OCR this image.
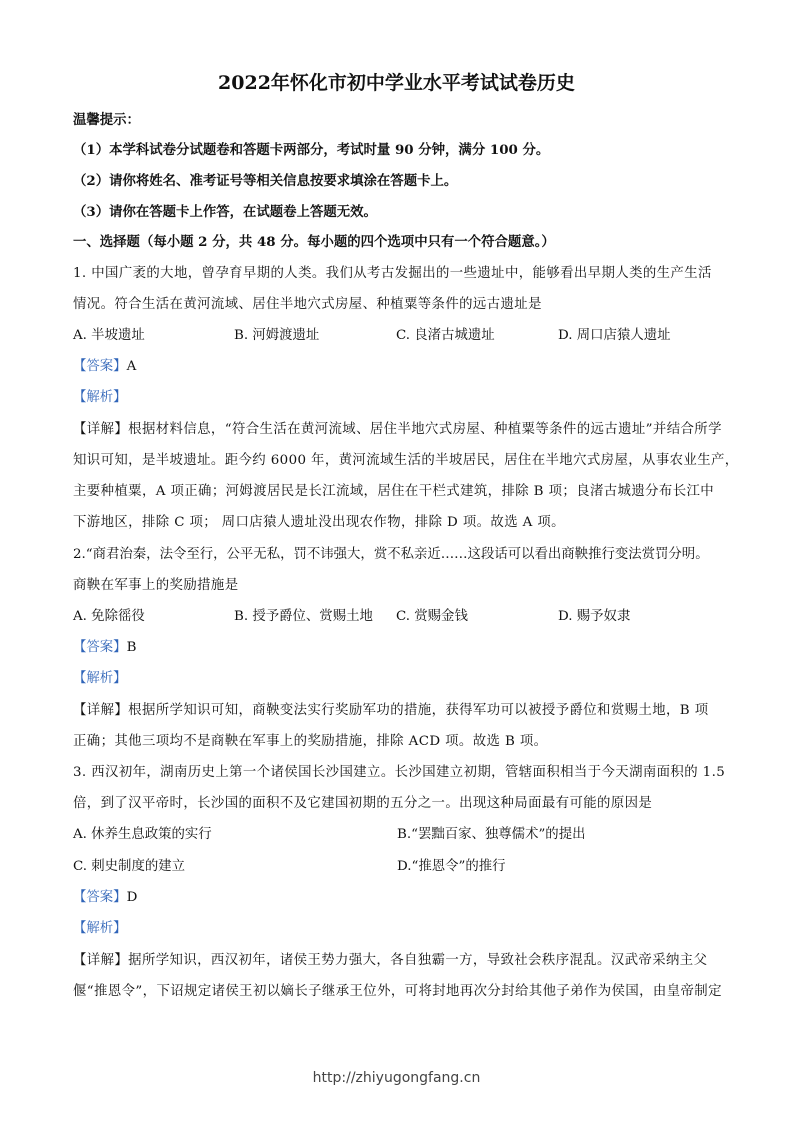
2022年怀化市初中学业水平考试试卷历史
温馨提示：
（1）本学科试卷分试题卷和答题卡两部分，考试时量 90 分钟，满分 100 分。
（2）请你将姓名、准考证号等相关信息按要求填涂在答题卡上。
（3）请你在答题卡上作答，在试题卷上答题无效。
一、选择题（每小题 2 分，共 48 分。每小题的四个选项中只有一个符合题意。）
1. 中国广袤的大地，曾孕育早期的人类。我们从考古发掘出的一些遗址中，能够看出早期人类的生产生活
情况。符合生活在黄河流域、居住半地穴式房屋、种植粟等条件的远古遗址是
A. 半坡遗址	B. 河姆渡遗址	C. 良渚古城遗址	D. 周口店猿人遗址
【答案】A
【解析】
【详解】根据材料信息，“符合生活在黄河流域、居住半地穴式房屋、种植粟等条件的远古遗址”并结合所学
知识可知，是半坡遗址。距今约 6000 年，黄河流域生活的半坡居民，居住在半地穴式房屋，从事农业生产，
主要种植粟，A 项正确；河姆渡居民是长江流域，居住在干栏式建筑，排除 B 项；良渚古城遗分布长江中
下游地区，排除 C 项； 周口店猿人遗址没出现农作物，排除 D 项。故选 A 项。
2.“商君治秦，法令至行，公平无私，罚不讳强大，赏不私亲近……这段话可以看出商鞅推行变法赏罚分明。
商鞅在军事上的奖励措施是
A. 免除徭役	B. 授予爵位、赏赐土地 C. 赏赐金钱	D. 赐予奴隶
【答案】B
【解析】
【详解】根据所学知识可知，商鞅变法实行奖励军功的措施，获得军功可以被授予爵位和赏赐土地，B 项
正确；其他三项均不是商鞅在军事上的奖励措施，排除 ACD 项。故选 B 项。
3. 西汉初年，湖南历史上第一个诸侯国长沙国建立。长沙国建立初期，管辖面积相当于今天湖南面积的 1.5
倍，到了汉平帝时，长沙国的面积不及它建国初期的五分之一。出现这种局面最有可能的原因是
A. 休养生息政策的实行	B.“罢黜百家、独尊儒术”的提出
C. 刺史制度的建立	D.“推恩令”的推行
【答案】D
【解析】
【详解】据所学知识，西汉初年，诸侯王势力强大，各自独霸一方，导致社会秩序混乱。汉武帝采纳主父
偃“推恩令”，下诏规定诸侯王初以嫡长子继承王位外，可将封地再次分封给其他子弟作为侯国，由皇帝制定
http://zhiyugongfang.cn
